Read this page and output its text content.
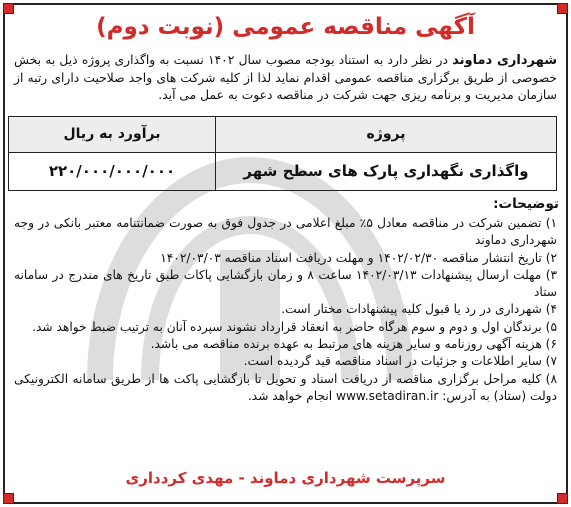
آگهی مناقصه عمومی (نوبت دوم)
شهرداری دماوند در نظر دارد به استناد بودجه مصوب سال ۱۴۰۲ نسبت به واگذاری پروژه ذیل به بخش خصوصی از طریق برگزاری مناقصه عمومی اقدام نماید لذا از کلیه شرکت های واجد صلاحیت دارای رتبه از سازمان مدیریت و برنامه ریزی جهت شرکت در مناقصه دعوت به عمل می آید.
پروژه	برآورد به ریال
واگذاری نگهداری پارک های سطح شهر	۲۲۰/۰۰۰/۰۰۰/۰۰۰
توضیحات:
۱) تضمین شرکت در مناقصه معادل ۵٪ مبلغ اعلامی در جدول فوق به صورت ضمانتنامه معتبر بانکی در وجه شهرداری دماوند
۲) تاریخ انتشار مناقصه ۱۴۰۲/۰۲/۳۰ و مهلت دریافت اسناد مناقصه ۱۴۰۲/۰۳/۰۳
۳) مهلت ارسال پیشنهادات ۱۴۰۲/۰۳/۱۳ ساعت ۸ و زمان بازگشایی پاکات طبق تاریخ های مندرج در سامانه ستاد
۴) شهرداری در رد یا قبول کلیه پیشنهادات مختار است.
۵) برندگان اول و دوم و سوم هرگاه حاضر به انعقاد قرارداد نشوند سپرده آنان به ترتیب ضبط خواهد شد.
۶) هزینه آگهی روزنامه و سایر هزینه های مرتبط به عهده برنده مناقصه می باشد.
۷) سایر اطلاعات و جزئیات در اسناد مناقصه قید گردیده است.
۸) کلیه مراحل برگزاری مناقصه از دریافت اسناد و تحویل تا بازگشایی پاکت ها از طریق سامانه الکترونیکی دولت (ستاد) به آدرس: www.setadiran.ir انجام خواهد شد.
سرپرست شهرداری دماوند - مهدی کردداری
